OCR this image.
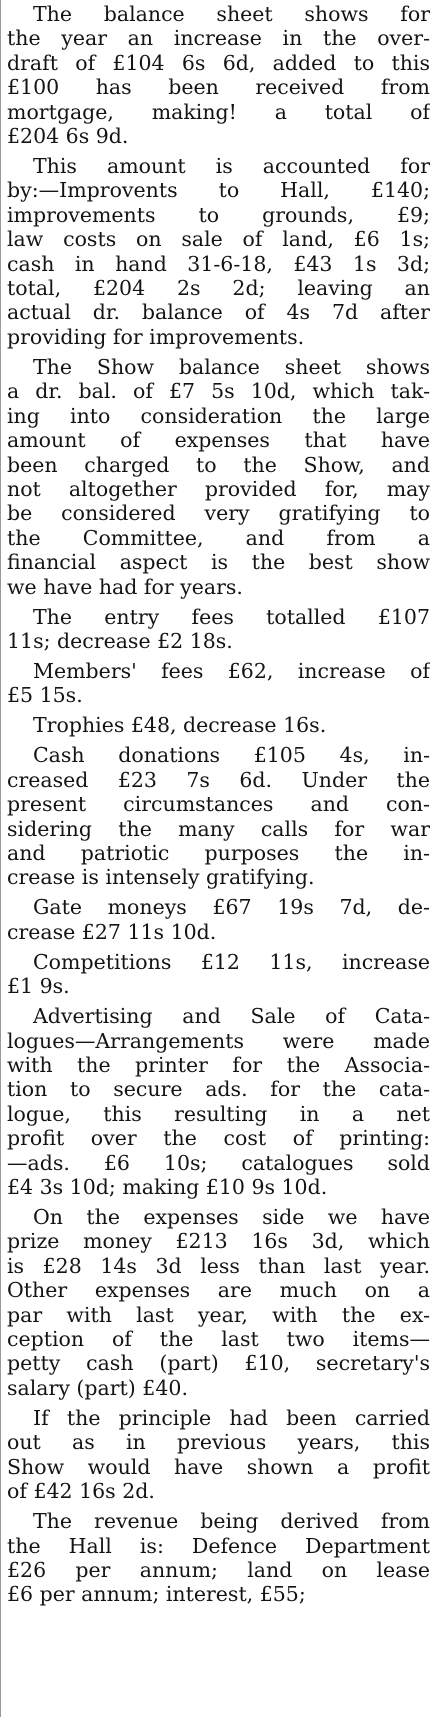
The balance sheet shows for
the year an increase in the over-
draft of £104 6s 6d, added to this
£100 has been received from
mortgage, making! a total of
£204 6s 9d.
This amount is accounted for
by:—Improvents to Hall, £140;
improvements to grounds, £9;
law costs on sale of land, £6 1s;
cash in hand 31-6-18, £43 1s 3d;
total, £204 2s 2d; leaving an
actual dr. balance of 4s 7d after
providing for improvements.
The Show balance sheet shows
a dr. bal. of £7 5s 10d, which tak-
ing into consideration the large
amount of expenses that have
been charged to the Show, and
not altogether provided for, may
be considered very gratifying to
the Committee, and from a
financial aspect is the best show
we have had for years.
The entry fees totalled £107
11s; decrease £2 18s.
Members' fees £62, increase of
£5 15s.
Trophies £48, decrease 16s.
Cash donations £105 4s, in-
creased £23 7s 6d. Under the
present circumstances and con-
sidering the many calls for war
and patriotic purposes the in-
crease is intensely gratifying.
Gate moneys £67 19s 7d, de-
crease £27 11s 10d.
Competitions £12 11s, increase
£1 9s.
Advertising and Sale of Cata-
logues—Arrangements were made
with the printer for the Associa-
tion to secure ads. for the cata-
logue, this resulting in a net
profit over the cost of printing:
—ads. £6 10s; catalogues sold
£4 3s 10d; making £10 9s 10d.
On the expenses side we have
prize money £213 16s 3d, which
is £28 14s 3d less than last year.
Other expenses are much on a
par with last year, with the ex-
ception of the last two items—
petty cash (part) £10, secretary's
salary (part) £40.
If the principle had been carried
out as in previous years, this
Show would have shown a profit
of £42 16s 2d.
The revenue being derived from
the Hall is: Defence Department
£26 per annum; land on lease
£6 per annum; interest, £55;
